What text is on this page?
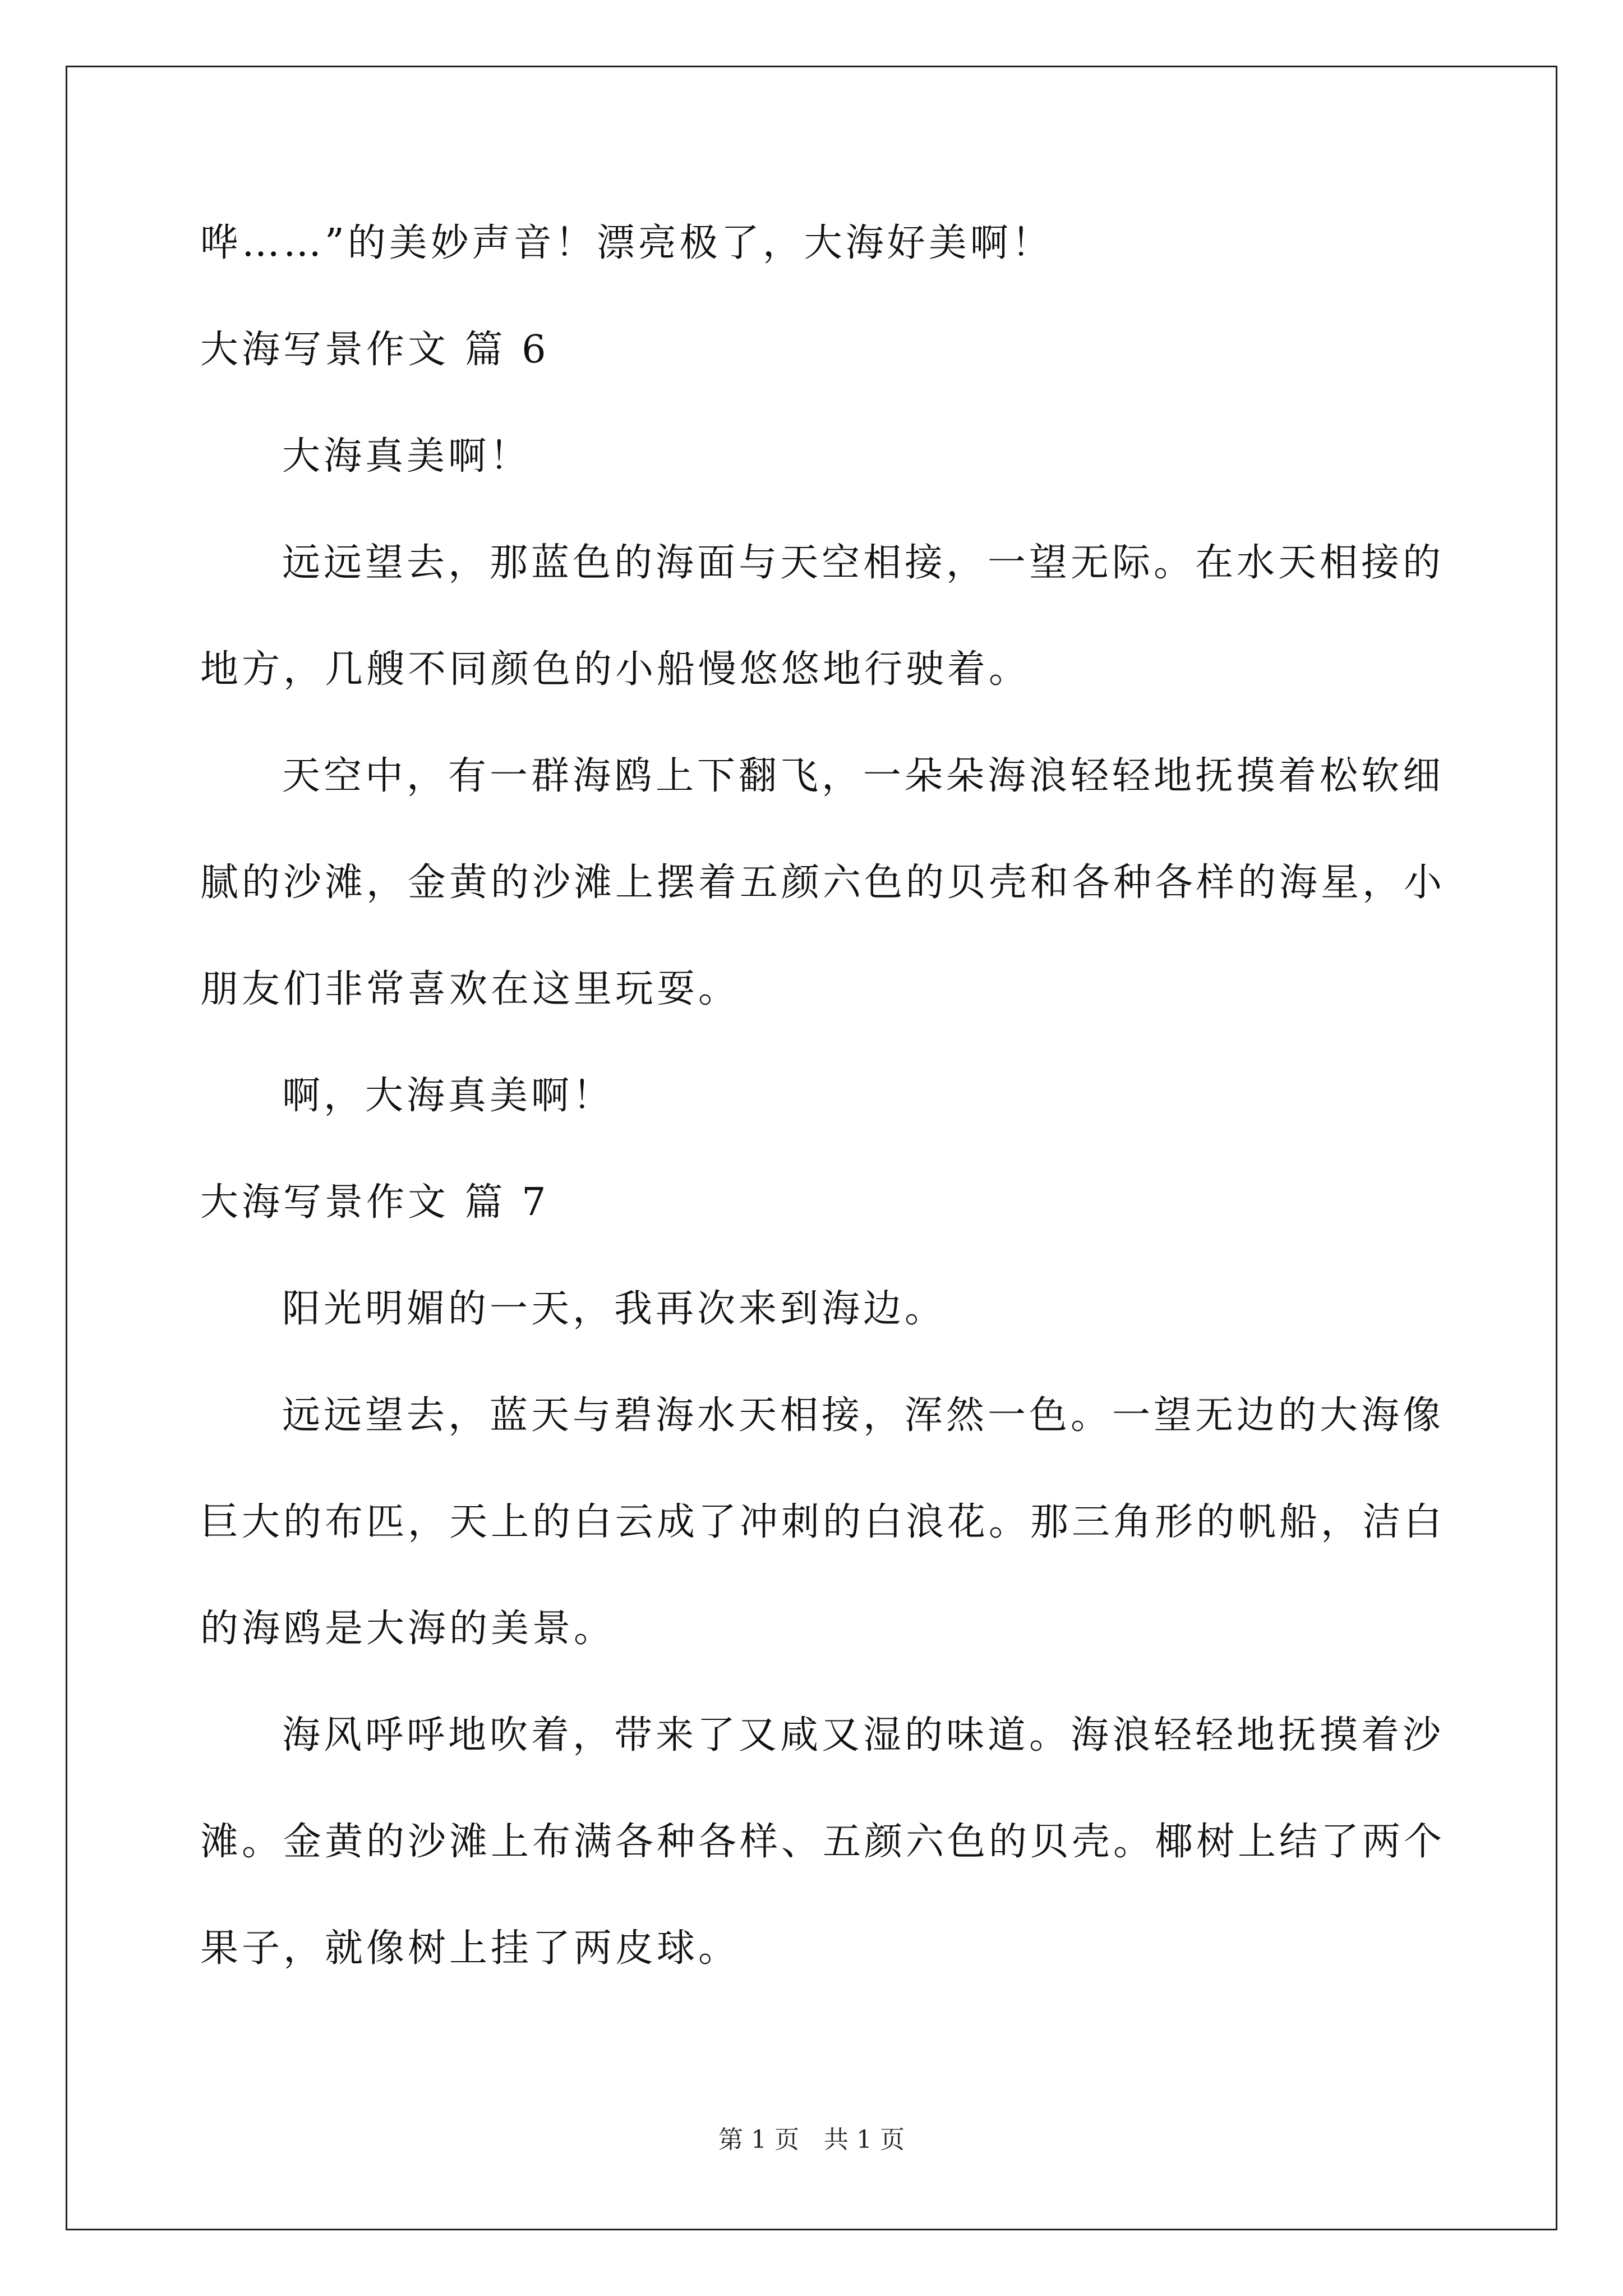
哗……”的美妙声音！漂亮极了，大海好美啊！
大海写景作文 篇 6
大海真美啊！
远远望去，那蓝色的海面与天空相接，一望无际。在水天相接的
地方，几艘不同颜色的小船慢悠悠地行驶着。
天空中，有一群海鸥上下翻飞，一朵朵海浪轻轻地抚摸着松软细
腻的沙滩，金黄的沙滩上摆着五颜六色的贝壳和各种各样的海星，小
朋友们非常喜欢在这里玩耍。
啊，大海真美啊！
大海写景作文 篇 7
阳光明媚的一天，我再次来到海边。
远远望去，蓝天与碧海水天相接，浑然一色。一望无边的大海像
巨大的布匹，天上的白云成了冲刺的白浪花。那三角形的帆船，洁白
的海鸥是大海的美景。
海风呼呼地吹着，带来了又咸又湿的味道。海浪轻轻地抚摸着沙
滩。金黄的沙滩上布满各种各样、五颜六色的贝壳。椰树上结了两个
果子，就像树上挂了两皮球。
第 1 页　共 1 页
